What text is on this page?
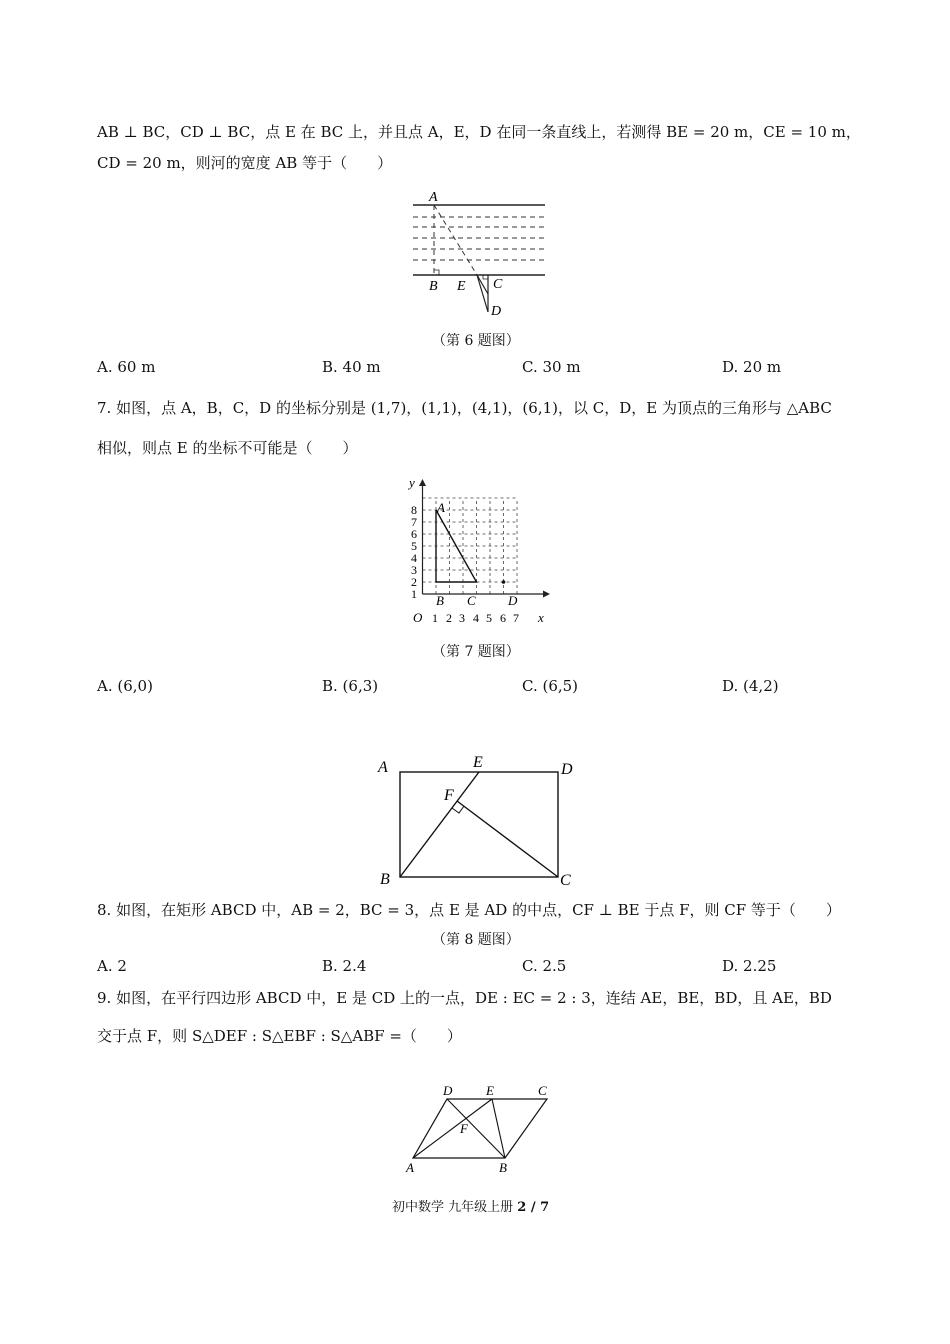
AB ⊥ BC，CD ⊥ BC，点 E 在 BC 上，并且点 A，E，D 在同一条直线上，若测得 BE = 20 m，CE = 10 m，
CD = 20 m，则河的宽度 AB 等于（　　）
A
B E C
D
（第 6 题图）
A. 60 m	B. 40 m	C. 30 m	D. 20 m
7. 如图，点 A，B，C，D 的坐标分别是 (1,7)，(1,1)，(4,1)，(6,1)，以 C，D，E 为顶点的三角形与 △ABC
相似，则点 E 的坐标不可能是（　　）
y
x
O
1
2
3
4
5
6
7
8
1 2 3 4 5 6 7
A
B C D
（第 7 题图）
A. (6,0)	B. (6,3)	C. (6,5)	D. (4,2)
A	E	D
F
B	C
8. 如图，在矩形 ABCD 中，AB = 2，BC = 3，点 E 是 AD 的中点，CF ⊥ BE 于点 F，则 CF 等于（　　）
（第 8 题图）
A. 2	B. 2.4	C. 2.5	D. 2.25
9. 如图，在平行四边形 ABCD 中，E 是 CD 上的一点，DE : EC = 2 : 3，连结 AE，BE，BD，且 AE，BD
交于点 F，则 S△DEF : S△EBF : S△ABF =（　　）
D	E	C
F
A	B
初中数学 九年级上册 2 / 7
